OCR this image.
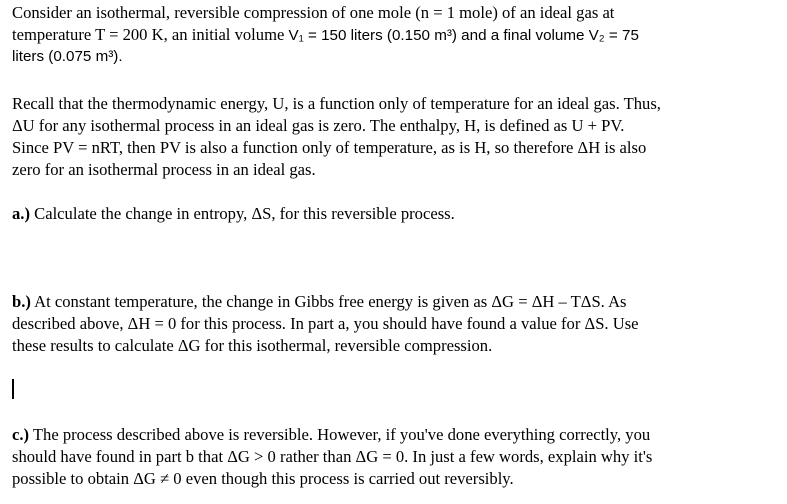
Consider an isothermal, reversible compression of one mole (n = 1 mole) of an ideal gas at
temperature T = 200 K, an initial volume V₁ = 150 liters (0.150 m³) and a final volume V₂ = 75
liters (0.075 m³).
Recall that the thermodynamic energy, U, is a function only of temperature for an ideal gas. Thus,
ΔU for any isothermal process in an ideal gas is zero. The enthalpy, H, is defined as U + PV.
Since PV = nRT, then PV is also a function only of temperature, as is H, so therefore ΔH is also
zero for an isothermal process in an ideal gas.
a.) Calculate the change in entropy, ΔS, for this reversible process.
b.) At constant temperature, the change in Gibbs free energy is given as ΔG = ΔH – TΔS. As
described above, ΔH = 0 for this process. In part a, you should have found a value for ΔS. Use
these results to calculate ΔG for this isothermal, reversible compression.
c.) The process described above is reversible. However, if you've done everything correctly, you
should have found in part b that ΔG > 0 rather than ΔG = 0. In just a few words, explain why it's
possible to obtain ΔG ≠ 0 even though this process is carried out reversibly.
